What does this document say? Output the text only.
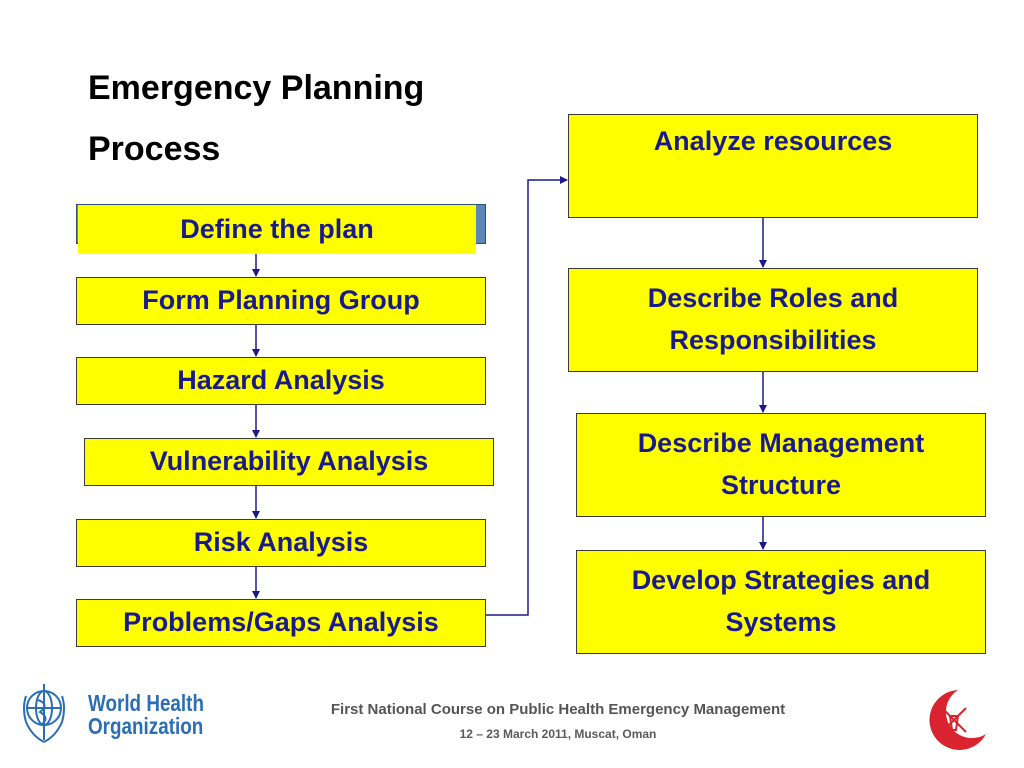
Emergency Planning
Process
Define the plan
Form Planning Group
Hazard Analysis
Vulnerability Analysis
Risk Analysis
Problems/Gaps Analysis
Analyze resources
Describe Roles and
Responsibilities
Describe Management
Structure
Develop Strategies and
Systems
World Health
Organization

First National Course on Public Health Emergency Management

12 – 23 March 2011, Muscat, Oman
